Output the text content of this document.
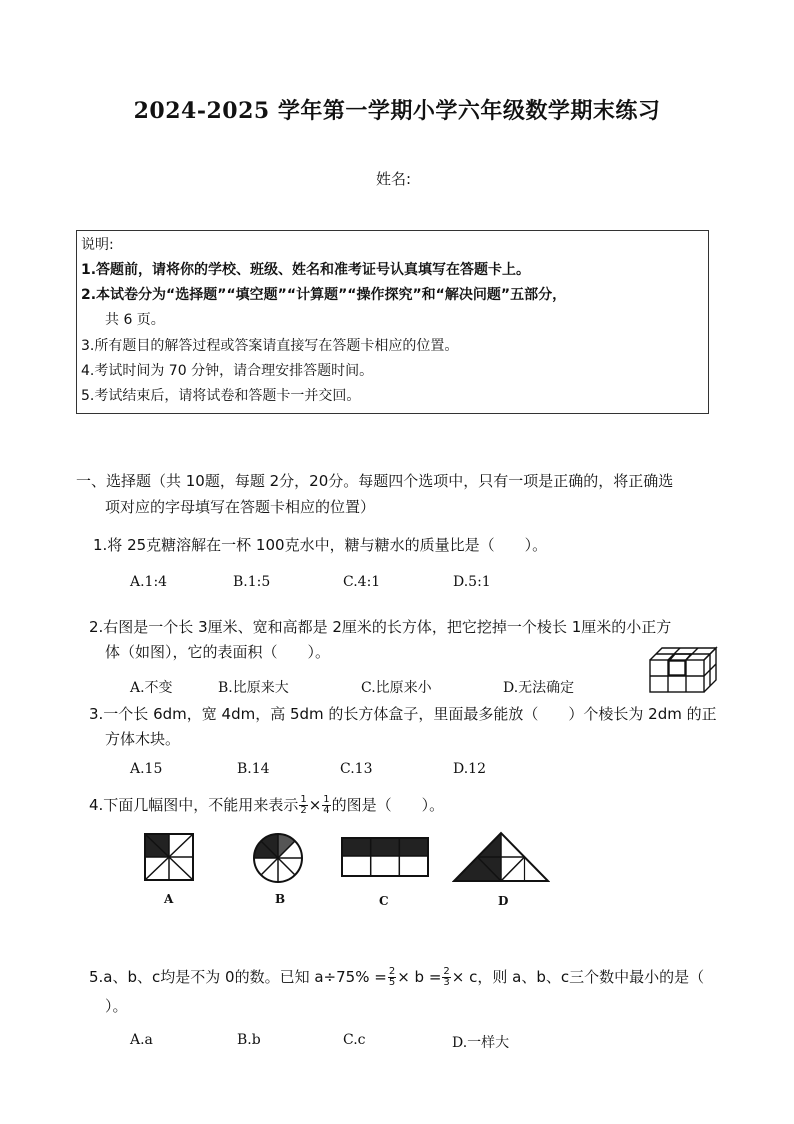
2024-2025 学年第一学期小学六年级数学期末练习
姓名:
说明:
1.答题前，请将你的学校、班级、姓名和准考证号认真填写在答题卡上。
2.本试卷分为“选择题”“填空题”“计算题”“操作探究”和“解决问题”五部分，
共 6 页。
3.所有题目的解答过程或答案请直接写在答题卡相应的位置。
4.考试时间为 70 分钟，请合理安排答题时间。
5.考试结束后，请将试卷和答题卡一并交回。
一、选择题（共 10题，每题 2分，20分。每题四个选项中，只有一项是正确的，将正确选
项对应的字母填写在答题卡相应的位置）
1.将 25克糖溶解在一杯 100克水中，糖与糖水的质量比是（　　）。
A.1:4	B.1:5	C.4:1	D.5:1
2.右图是一个长 3厘米、宽和高都是 2厘米的长方体，把它挖掉一个棱长 1厘米的小正方
体（如图），它的表面积（　　）。
A.不变	B.比原来大	C.比原来小	D.无法确定
3.一个长 6dm，宽 4dm，高 5dm 的长方体盒子，里面最多能放（　　）个棱长为 2dm 的正
方体木块。
A.15	B.14	C.13	D.12
4.下面几幅图中，不能用来表示 $\frac{1}{2} \times \frac{1}{4}$ 的图是（　　）。
A	B	C	D
5.a、b、c均是不为 0的数。已知 $a\div 75\% = \frac{2}{5} \times b = \frac{2}{3} \times c$，则 a、b、c三个数中最小的是（
）。
A.a	B.b	C.c	D.一样大
